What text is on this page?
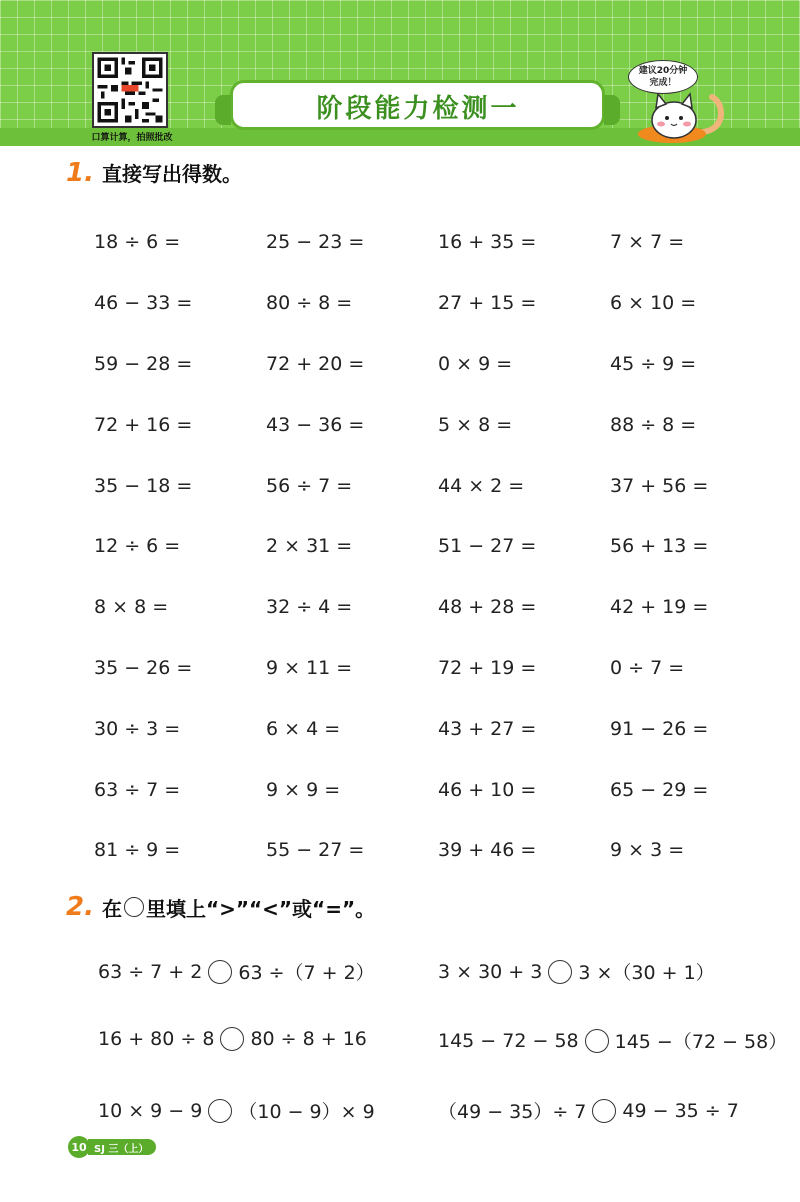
口算计算，拍照批改
阶段能力检测一
建议20分钟
完成！
1. 直接写出得数。
18 ÷ 6 =	25 − 23 =	16 + 35 =	7 × 7 =
46 − 33 =	80 ÷ 8 =	27 + 15 =	6 × 10 =
59 − 28 =	72 + 20 =	0 × 9 =	45 ÷ 9 =
72 + 16 =	43 − 36 =	5 × 8 =	88 ÷ 8 =
35 − 18 =	56 ÷ 7 =	44 × 2 =	37 + 56 =
12 ÷ 6 =	2 × 31 =	51 − 27 =	56 + 13 =
8 × 8 =	32 ÷ 4 =	48 + 28 =	42 + 19 =
35 − 26 =	9 × 11 =	72 + 19 =	0 ÷ 7 =
30 ÷ 3 =	6 × 4 =	43 + 27 =	91 − 26 =
63 ÷ 7 =	9 × 9 =	46 + 10 =	65 − 29 =
81 ÷ 9 =	55 − 27 =	39 + 46 =	9 × 3 =
2. 在 里填上“>”“<”或“=”。
63 ÷ 7 + 2 63 ÷（7 + 2）	3 × 30 + 3 3 ×（30 + 1）
16 + 80 ÷ 8 80 ÷ 8 + 16	145 − 72 − 58 145 −（72 − 58）
10 × 9 − 9 （10 − 9）× 9	（49 − 35）÷ 7 49 − 35 ÷ 7
10 SJ 三（上）
